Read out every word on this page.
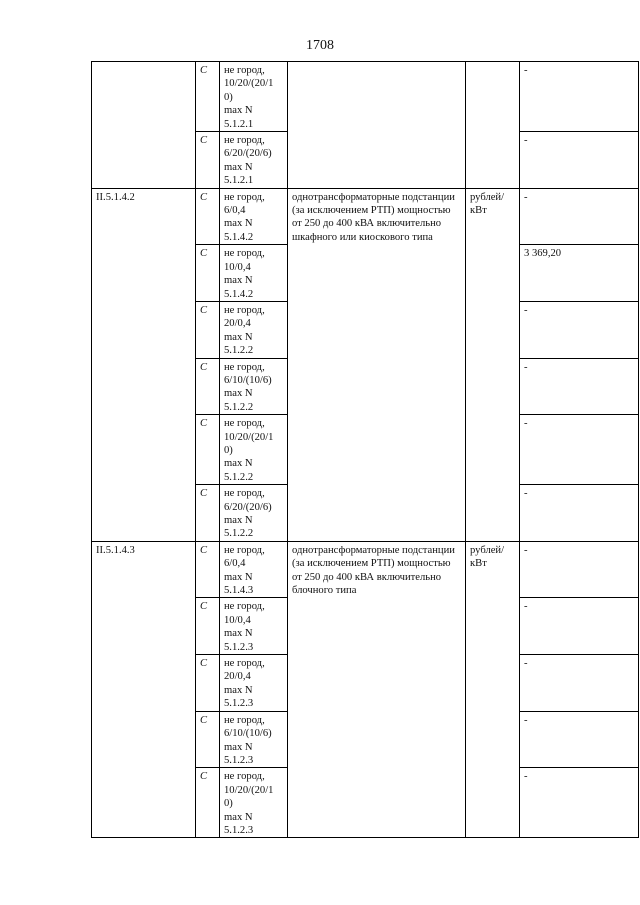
1708
	C	не город,
10/20/(20/1
0)
max N
5.1.2.1			-
	C	не город,
6/20/(20/6)
max N
5.1.2.1			-
II.5.1.4.2	C	не город,
6/0,4
max N
5.1.4.2	однотрансформаторные подстанции (за исключением РТП) мощностью от 250 до 400 кВА включительно шкафного или киоскового типа	рублей/
кВт	-
	C	не город,
10/0,4
max N
5.1.4.2			3 369,20
	C	не город,
20/0,4
max N
5.1.2.2			-
	C	не город,
6/10/(10/6)
max N
5.1.2.2			-
	C	не город,
10/20/(20/1
0)
max N
5.1.2.2			-
	C	не город,
6/20/(20/6)
max N
5.1.2.2			-
II.5.1.4.3	C	не город,
6/0,4
max N
5.1.4.3	однотрансформаторные подстанции (за исключением РТП) мощностью от 250 до 400 кВА включительно блочного типа	рублей/
кВт	-
	C	не город,
10/0,4
max N
5.1.2.3			-
	C	не город,
20/0,4
max N
5.1.2.3			-
	C	не город,
6/10/(10/6)
max N
5.1.2.3			-
	C	не город,
10/20/(20/1
0)
max N
5.1.2.3			-
